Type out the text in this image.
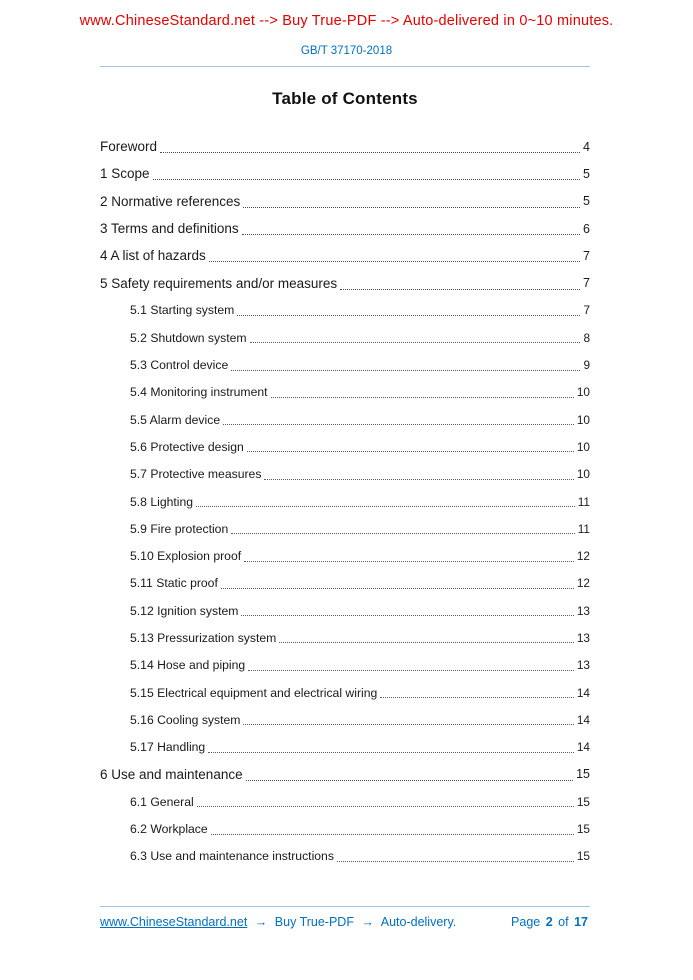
www.ChineseStandard.net --> Buy True-PDF --> Auto-delivered in 0~10 minutes.
GB/T 37170-2018
Table of Contents
Foreword	4
1 Scope	5
2 Normative references	5
3 Terms and definitions	6
4 A list of hazards	7
5 Safety requirements and/or measures	7
5.1 Starting system	7
5.2 Shutdown system	8
5.3 Control device	9
5.4 Monitoring instrument	10
5.5 Alarm device	10
5.6 Protective design	10
5.7 Protective measures	10
5.8 Lighting	11
5.9 Fire protection	11
5.10 Explosion proof	12
5.11 Static proof	12
5.12 Ignition system	13
5.13 Pressurization system	13
5.14 Hose and piping	13
5.15 Electrical equipment and electrical wiring	14
5.16 Cooling system	14
5.17 Handling	14
6 Use and maintenance	15
6.1 General	15
6.2 Workplace	15
6.3 Use and maintenance instructions	15
www.ChineseStandard.net → Buy True-PDF → Auto-delivery.	Page 2 of 17
